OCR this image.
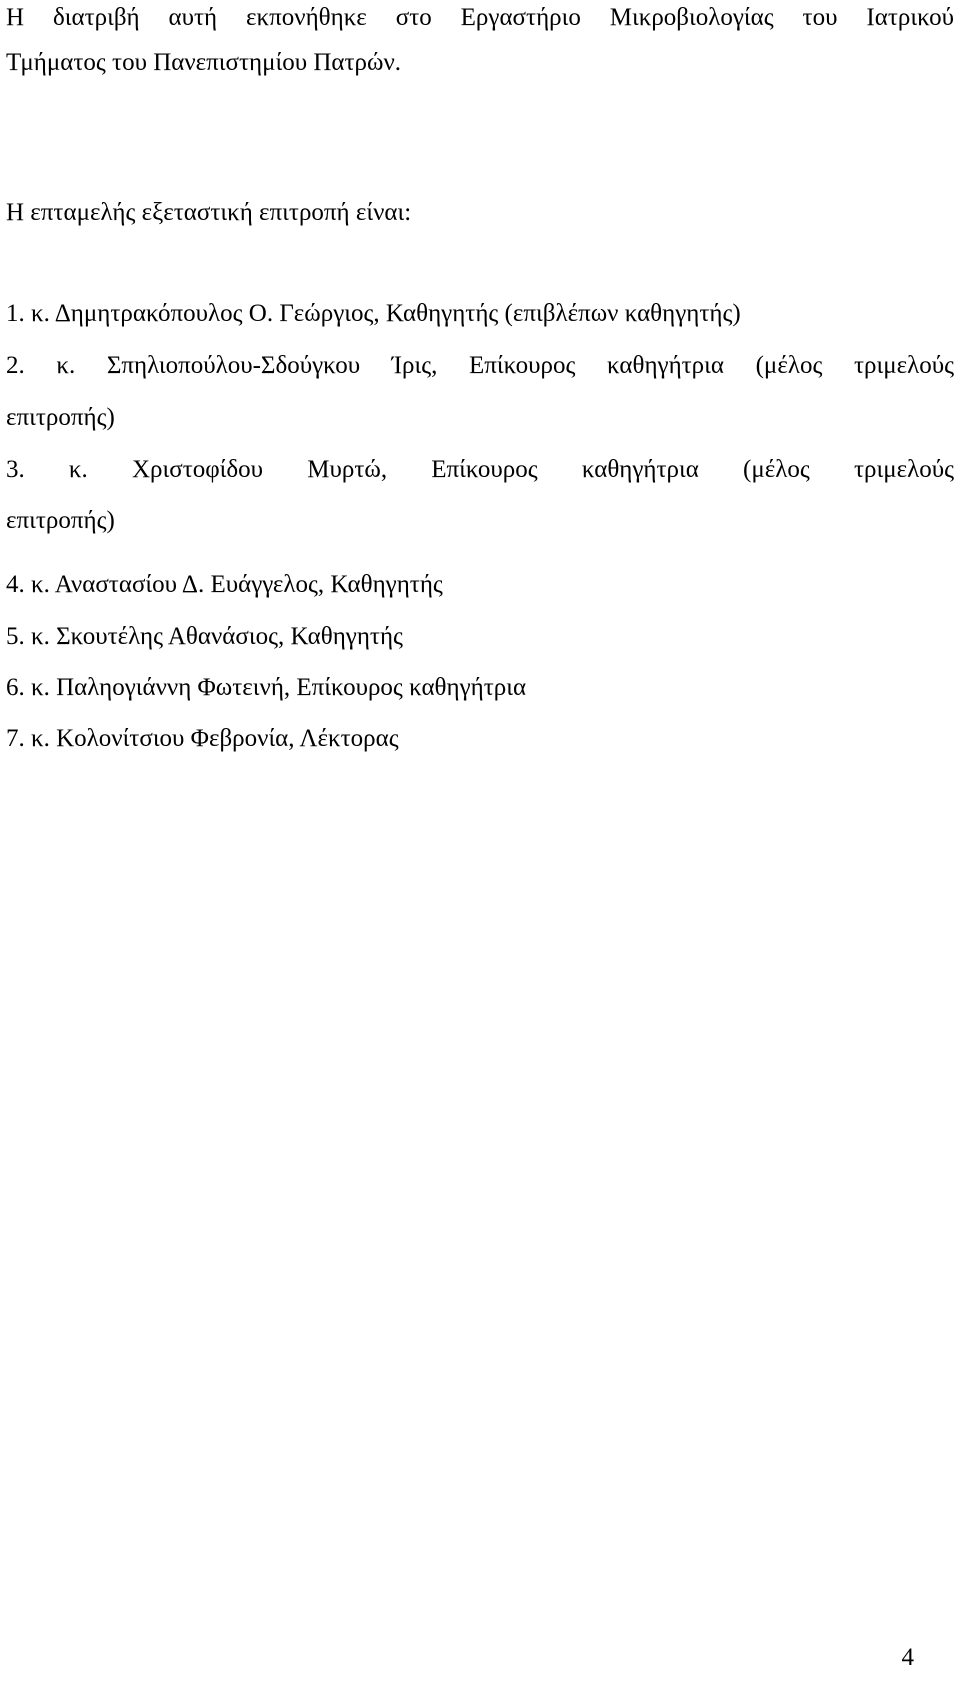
Η διατριβή αυτή εκπονήθηκε στο Εργαστήριο Μικροβιολογίας του Ιατρικού
Τμήματος του Πανεπιστημίου Πατρών.
Η επταμελής εξεταστική επιτροπή είναι:
1. κ. Δημητρακόπουλος Ο. Γεώργιος, Καθηγητής (επιβλέπων καθηγητής)
2. κ. Σπηλιοπούλου-Σδούγκου Ίρις, Επίκουρος καθηγήτρια (μέλος τριμελούς
επιτροπής)
3. κ. Χριστοφίδου Μυρτώ, Επίκουρος καθηγήτρια (μέλος τριμελούς
επιτροπής)
4. κ. Αναστασίου Δ. Ευάγγελος, Καθηγητής
5. κ. Σκουτέλης Αθανάσιος, Καθηγητής
6. κ. Παληογιάννη Φωτεινή, Επίκουρος καθηγήτρια
7. κ. Κολονίτσιου Φεβρονία, Λέκτορας
4
